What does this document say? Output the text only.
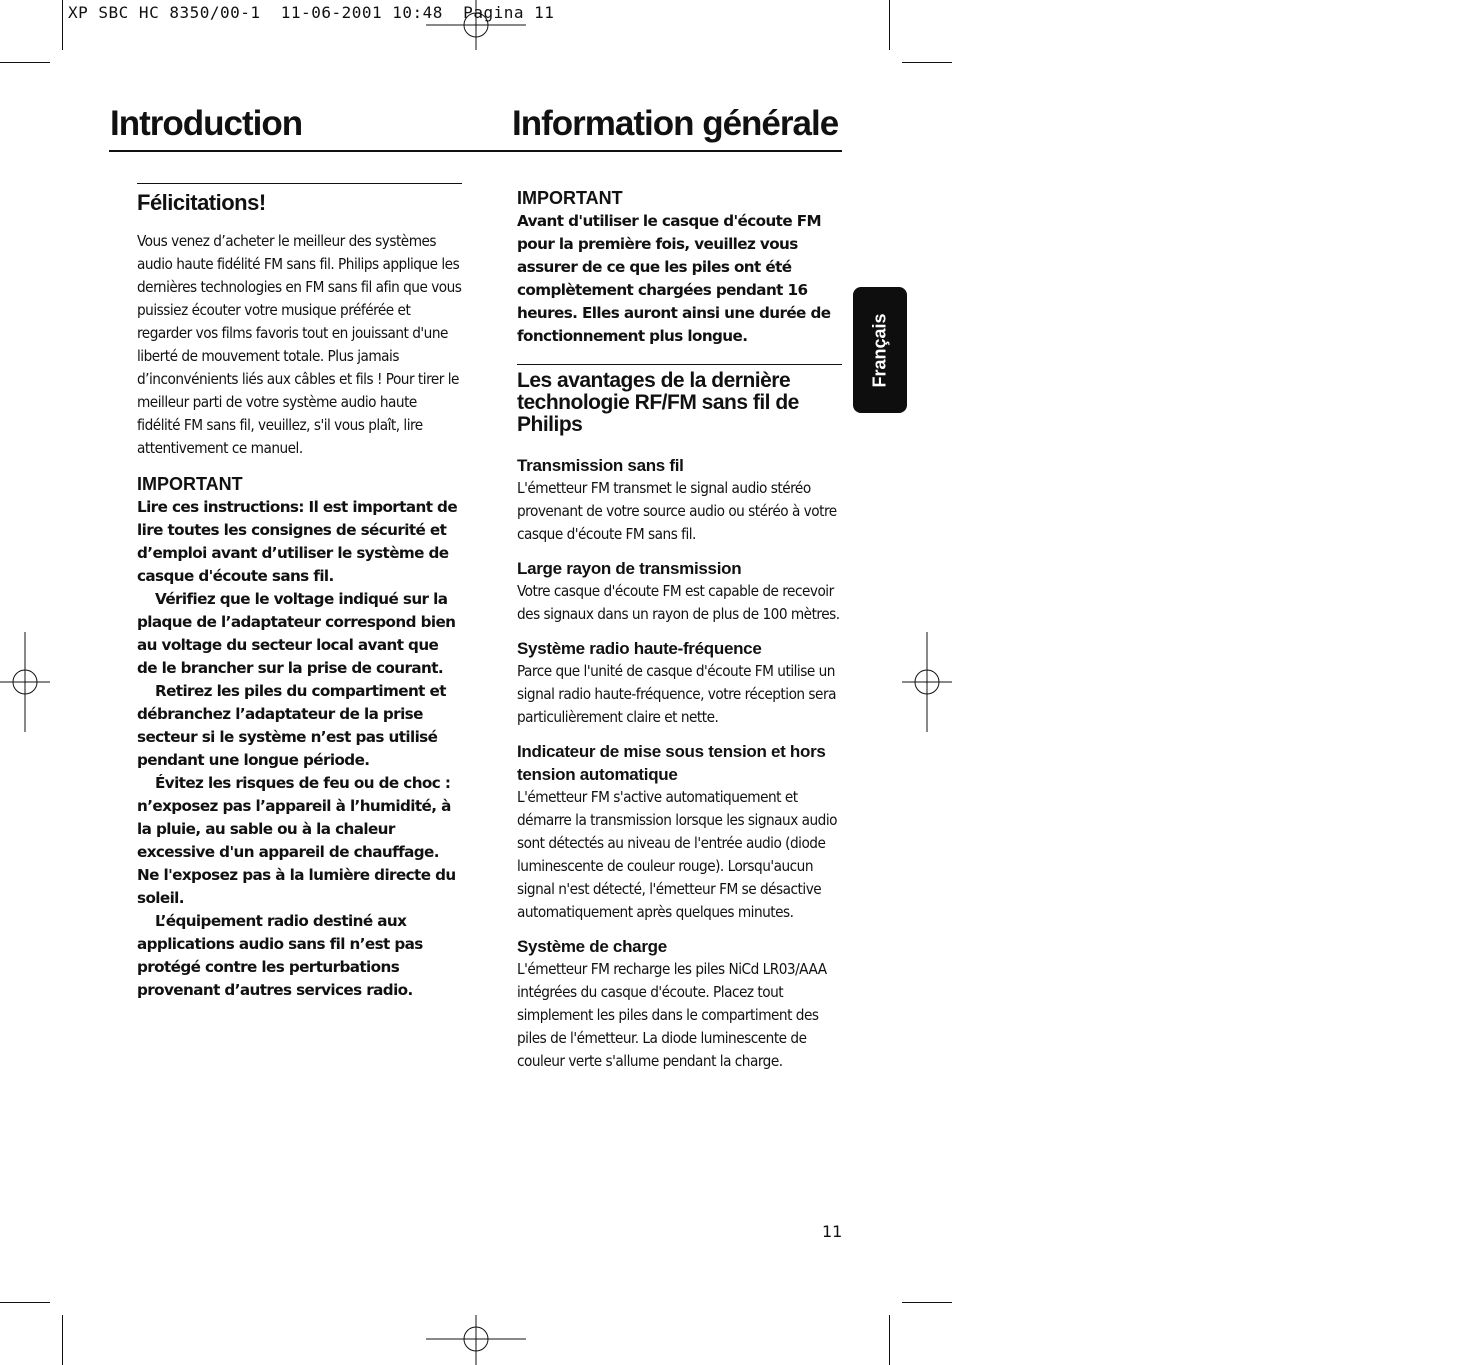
XP SBC HC 8350/00-1  11-06-2001 10:48  Pagina 11
Introduction	Information générale
Félicitations!
Vous venez d’acheter le meilleur des systèmes audio haute fidélité FM sans fil. Philips applique les dernières technologies en FM sans fil afin que vous puissiez écouter votre musique préférée et regarder vos films favoris tout en jouissant d'une liberté de mouvement totale. Plus jamais d’inconvénients liés aux câbles et fils ! Pour tirer le meilleur parti de votre système audio haute fidélité FM sans fil, veuillez, s'il vous plaît, lire attentivement ce manuel.
IMPORTANT
Lire ces instructions: Il est important de lire toutes les consignes de sécurité et d’emploi avant d’utiliser le système de casque d'écoute sans fil.
Vérifiez que le voltage indiqué sur la plaque de l’adaptateur correspond bien au voltage du secteur local avant que de le brancher sur la prise de courant.
Retirez les piles du compartiment et débranchez l’adaptateur de la prise secteur si le système n’est pas utilisé pendant une longue période.
Évitez les risques de feu ou de choc : n’exposez pas l’appareil à l’humidité, à la pluie, au sable ou à la chaleur excessive d'un appareil de chauffage. Ne l'exposez pas à la lumière directe du soleil.
L’équipement radio destiné aux applications audio sans fil n’est pas protégé contre les perturbations provenant d’autres services radio.
IMPORTANT
Avant d'utiliser le casque d'écoute FM pour la première fois, veuillez vous assurer de ce que les piles ont été complètement chargées pendant 16 heures. Elles auront ainsi une durée de fonctionnement plus longue.
Les avantages de la dernière technologie RF/FM sans fil de Philips
Transmission sans fil
L'émetteur FM transmet le signal audio stéréo provenant de votre source audio ou stéréo à votre casque d'écoute FM sans fil.
Large rayon de transmission
Votre casque d'écoute FM est capable de recevoir des signaux dans un rayon de plus de 100 mètres.
Système radio haute-fréquence
Parce que l'unité de casque d'écoute FM utilise un signal radio haute-fréquence, votre réception sera particulièrement claire et nette.
Indicateur de mise sous tension et hors tension automatique
L'émetteur FM s'active automatiquement et démarre la transmission lorsque les signaux audio sont détectés au niveau de l'entrée audio (diode luminescente de couleur rouge). Lorsqu'aucun signal n'est détecté, l'émetteur FM se désactive automatiquement après quelques minutes.
Système de charge
L'émetteur FM recharge les piles NiCd LR03/AAA intégrées du casque d'écoute. Placez tout simplement les piles dans le compartiment des piles de l'émetteur. La diode luminescente de couleur verte s'allume pendant la charge.
Français
11
